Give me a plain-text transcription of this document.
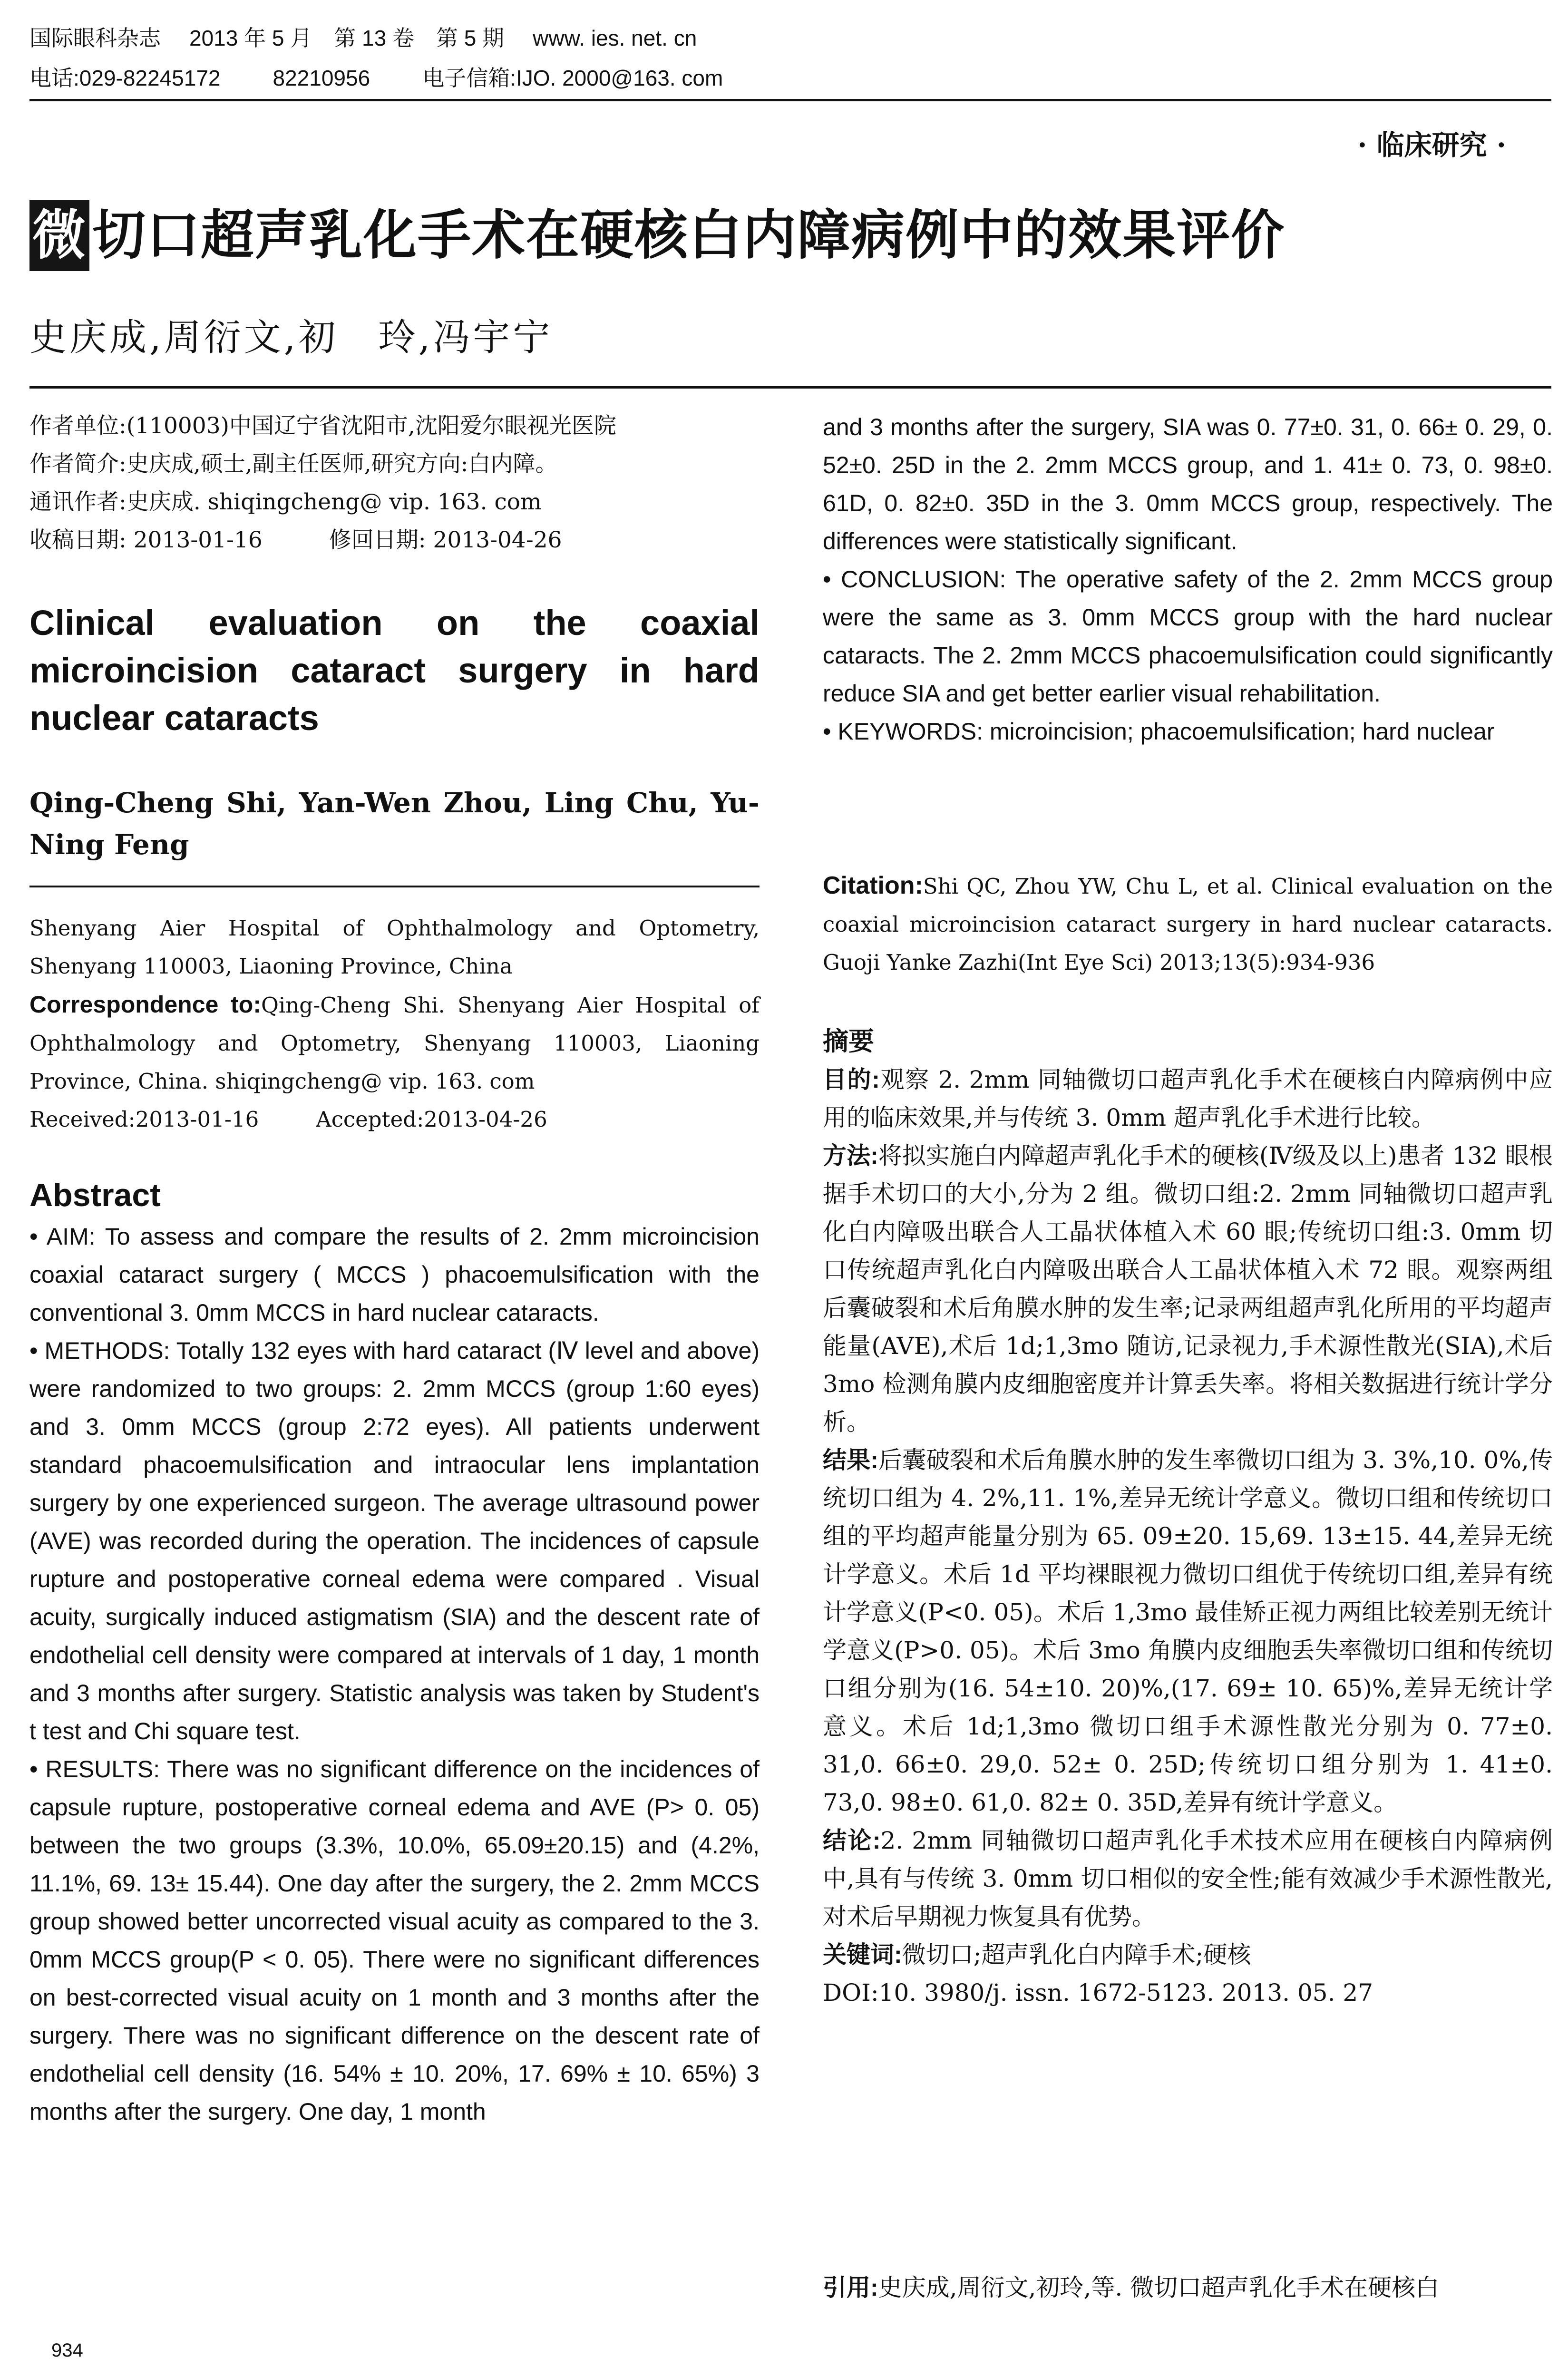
国际眼科杂志 2013 年 5 月　第 13 卷　第 5 期 www. ies. net. cn
电话:029-82245172 82210956 电子信箱:IJO. 2000@163. com
· 临床研究 ·
微 切口超声乳化手术在硬核白内障病例中的效果评价
史庆成,周衍文,初　玲,冯宇宁
作者单位:(110003)中国辽宁省沈阳市,沈阳爱尔眼视光医院
作者简介:史庆成,硕士,副主任医师,研究方向:白内障。
通讯作者:史庆成. shiqingcheng@ vip. 163. com
收稿日期: 2013-01-16	修回日期: 2013-04-26
Clinical evaluation on the coaxial microincision cataract surgery in hard nuclear cataracts
Qing-Cheng Shi, Yan-Wen Zhou, Ling Chu, Yu-Ning Feng
Shenyang Aier Hospital of Ophthalmology and Optometry, Shenyang 110003, Liaoning Province, China
Correspondence to:Qing-Cheng Shi. Shenyang Aier Hospital of Ophthalmology and Optometry, Shenyang 110003, Liaoning Province, China. shiqingcheng@ vip. 163. com
Received:2013-01-16	Accepted:2013-04-26
Abstract

• AIM: To assess and compare the results of 2. 2mm microincision coaxial cataract surgery ( MCCS ) phacoemulsification with the conventional 3. 0mm MCCS in hard nuclear cataracts.

• METHODS: Totally 132 eyes with hard cataract (Ⅳ level and above) were randomized to two groups: 2. 2mm MCCS (group 1:60 eyes) and 3. 0mm MCCS (group 2:72 eyes). All patients underwent standard phacoemulsification and intraocular lens implantation surgery by one experienced surgeon. The average ultrasound power (AVE) was recorded during the operation. The incidences of capsule rupture and postoperative corneal edema were compared . Visual acuity, surgically induced astigmatism (SIA) and the descent rate of endothelial cell density were compared at intervals of 1 day, 1 month and 3 months after surgery. Statistic analysis was taken by Student's t test and Chi square test.

• RESULTS: There was no significant difference on the incidences of capsule rupture, postoperative corneal edema and AVE (P> 0. 05) between the two groups (3.3%, 10.0%, 65.09±20.15) and (4.2%, 11.1%, 69. 13± 15.44). One day after the surgery, the 2. 2mm MCCS group showed better uncorrected visual acuity as compared to the 3. 0mm MCCS group(P < 0. 05). There were no significant differences on best-corrected visual acuity on 1 month and 3 months after the surgery. There was no significant difference on the descent rate of endothelial cell density (16. 54% ± 10. 20%, 17. 69% ± 10. 65%) 3 months after the surgery. One day, 1 month

934

and 3 months after the surgery, SIA was 0. 77±0. 31, 0. 66± 0. 29, 0. 52±0. 25D in the 2. 2mm MCCS group, and 1. 41± 0. 73, 0. 98±0. 61D, 0. 82±0. 35D in the 3. 0mm MCCS group, respectively. The differences were statistically significant.

• CONCLUSION: The operative safety of the 2. 2mm MCCS group were the same as 3. 0mm MCCS group with the hard nuclear cataracts. The 2. 2mm MCCS phacoemulsification could significantly reduce SIA and get better earlier visual rehabilitation.

• KEYWORDS: microincision; phacoemulsification; hard nuclear

Citation:Shi QC, Zhou YW, Chu L, et al. Clinical evaluation on the coaxial microincision cataract surgery in hard nuclear cataracts. Guoji Yanke Zazhi(Int Eye Sci) 2013;13(5):934-936
摘要

目的:观察 2. 2mm 同轴微切口超声乳化手术在硬核白内障病例中应用的临床效果,并与传统 3. 0mm 超声乳化手术进行比较。

方法:将拟实施白内障超声乳化手术的硬核(Ⅳ级及以上)患者 132 眼根据手术切口的大小,分为 2 组。微切口组:2. 2mm 同轴微切口超声乳化白内障吸出联合人工晶状体植入术 60 眼;传统切口组:3. 0mm 切口传统超声乳化白内障吸出联合人工晶状体植入术 72 眼。观察两组后囊破裂和术后角膜水肿的发生率;记录两组超声乳化所用的平均超声能量(AVE),术后 1d;1,3mo 随访,记录视力,手术源性散光(SIA),术后 3mo 检测角膜内皮细胞密度并计算丢失率。将相关数据进行统计学分析。

结果:后囊破裂和术后角膜水肿的发生率微切口组为 3. 3%,10. 0%,传统切口组为 4. 2%,11. 1%,差异无统计学意义。微切口组和传统切口组的平均超声能量分别为 65. 09±20. 15,69. 13±15. 44,差异无统计学意义。术后 1d 平均裸眼视力微切口组优于传统切口组,差异有统计学意义(P<0. 05)。术后 1,3mo 最佳矫正视力两组比较差别无统计学意义(P>0. 05)。术后 3mo 角膜内皮细胞丢失率微切口组和传统切口组分别为(16. 54±10. 20)%,(17. 69± 10. 65)%,差异无统计学意义。术后 1d;1,3mo 微切口组手术源性散光分别为 0. 77±0. 31,0. 66±0. 29,0. 52± 0. 25D;传统切口组分别为 1. 41±0. 73,0. 98±0. 61,0. 82± 0. 35D,差异有统计学意义。

结论:2. 2mm 同轴微切口超声乳化手术技术应用在硬核白内障病例中,具有与传统 3. 0mm 切口相似的安全性;能有效减少手术源性散光,对术后早期视力恢复具有优势。

关键词:微切口;超声乳化白内障手术;硬核

DOI:10. 3980/j. issn. 1672-5123. 2013. 05. 27

引用:史庆成,周衍文,初玲,等. 微切口超声乳化手术在硬核白
